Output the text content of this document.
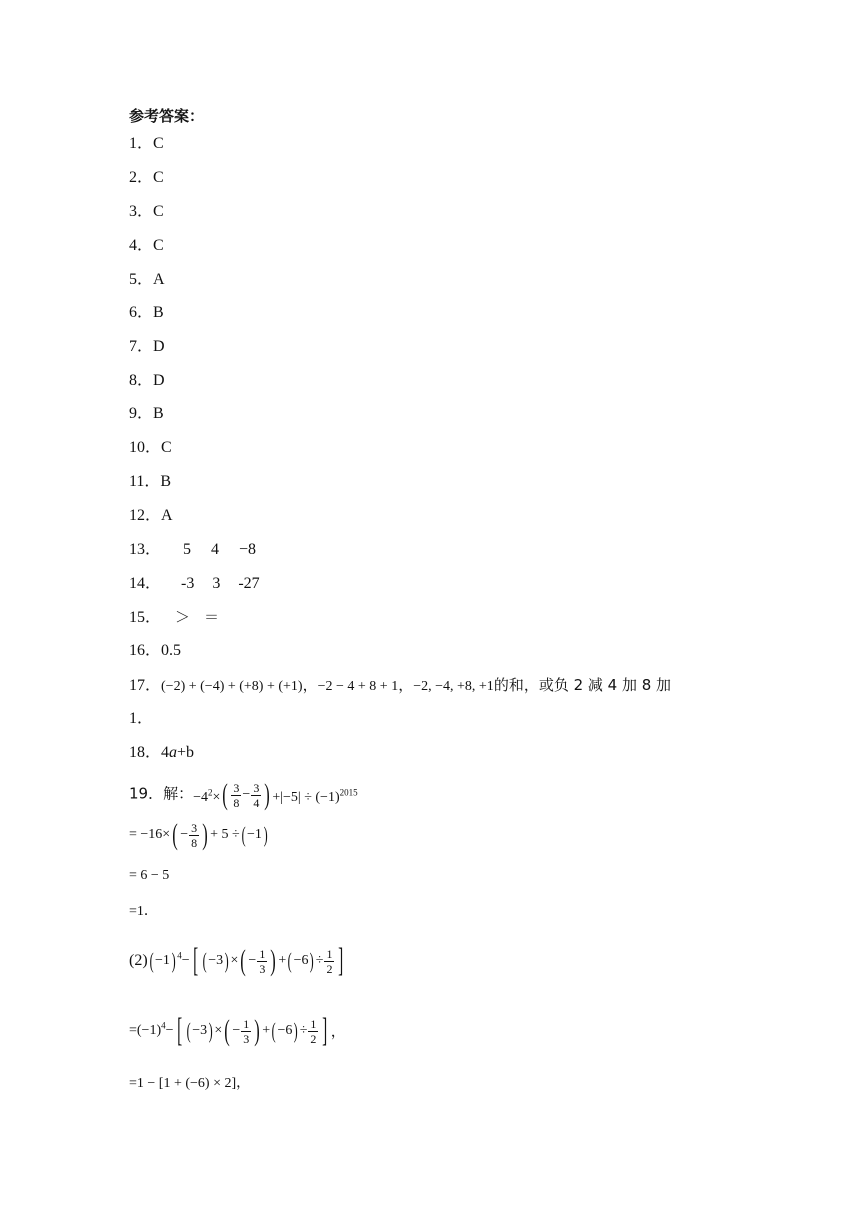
参考答案：
1．C
2．C
3．C
4．C
5．A
6．B
7．D
8．D
9．B
10．C
11．B
12．A
13． 5 4 −8
14． -3 3 -27
15． ＞ ＝
16．0.5
17．(−2) + (−4) + (+8) + (+1)，−2 − 4 + 8 + 1，−2, −4, +8, +1的和，或负 2 减 4 加 8 加
1．
18．4a+b
19．解：$-4^2\times( \frac{3}{8} - \frac{3}{4}$ ) $+|-5| \div (-1)^{2015}$
= $-16\times( - \frac{3}{8}$ ) + 5 ÷( −1)
= 6 − 5
=1．
(2)( −1) $^4$−[ ( −3) ×( − $\frac{1}{3}$ ) +( $-6) \div \frac{1}{2}$ ]
$=(-1)^4-$[ ( −3) ×( − $\frac{1}{3}$ ) +( $-6) \div \frac{1}{2}$ ] ，
=1 − [1 + (−6) × 2]，
